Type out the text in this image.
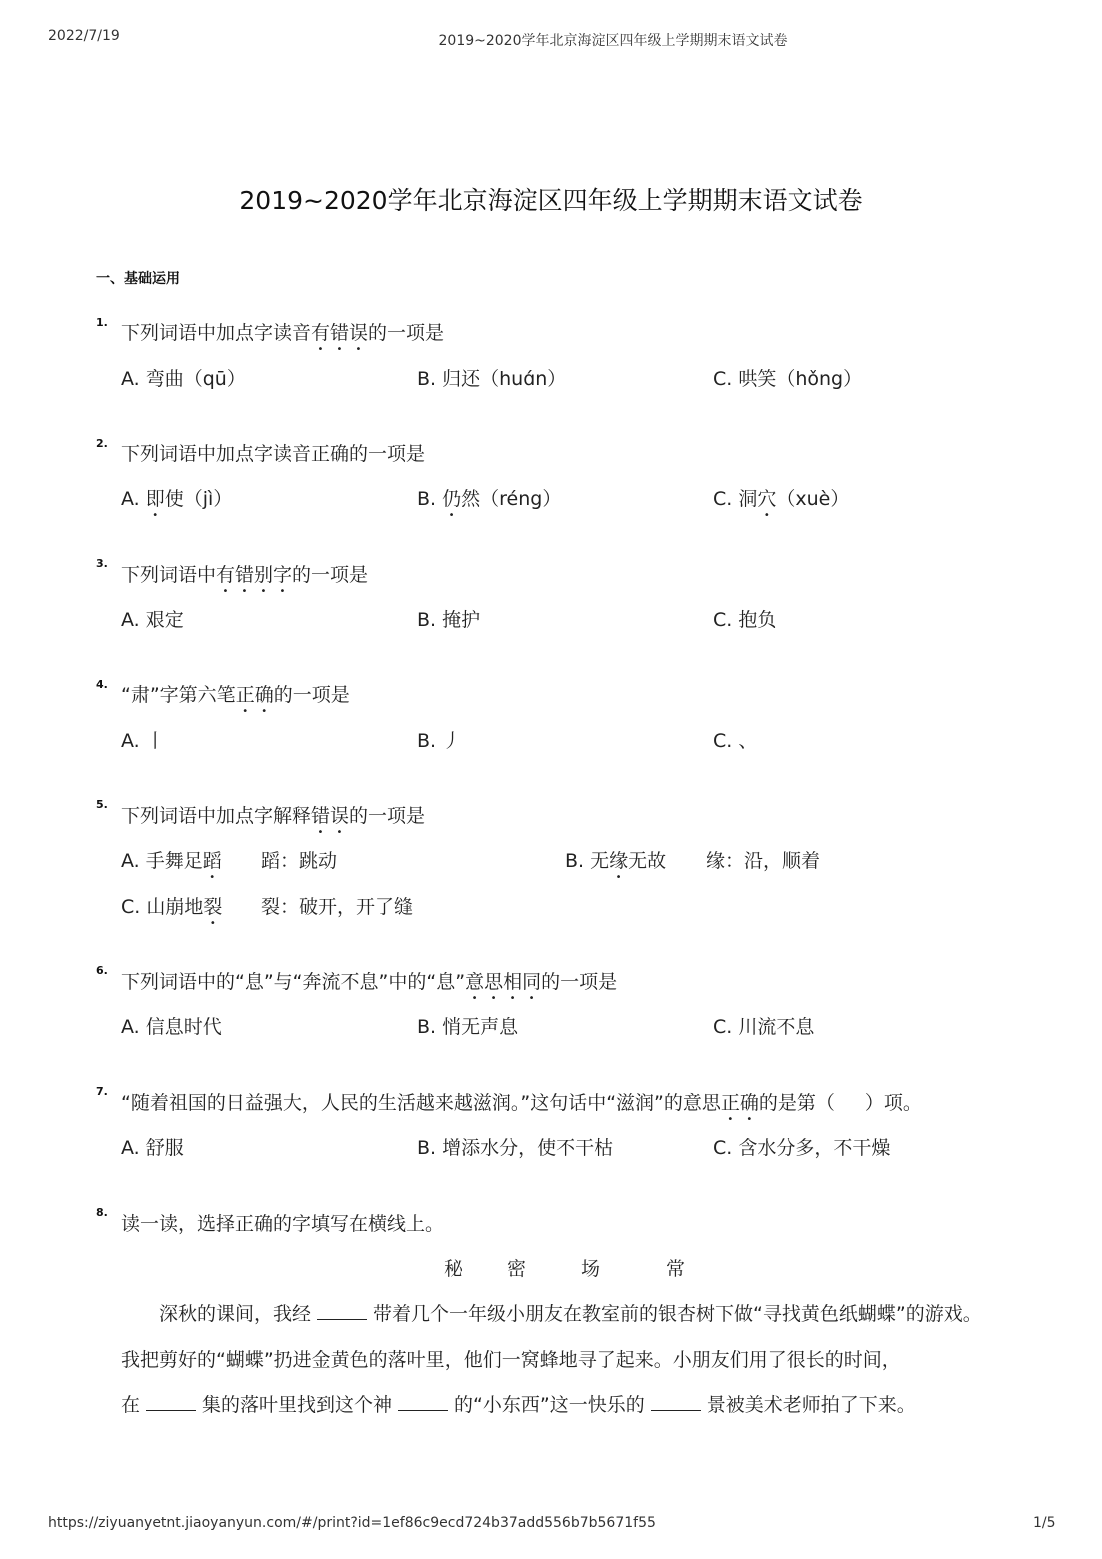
2022/7/19	2019~2020学年北京海淀区四年级上学期期末语文试卷
2019~2020学年北京海淀区四年级上学期期末语文试卷
一、基础运用
1. 下列词语中加点字读音有错误的一项是
A. 弯曲（qū）	B. 归还（huɑ́n）	C. 哄笑（hǒng）
2. 下列词语中加点字读音正确的一项是
A. 即使（jì）	B. 仍然（réng）	C. 洞穴（xuè）
3.
下列词语中有错别字的一项是
A. 艰定	B. 掩护	C. 抱负
4. “肃”字第六笔正确的一项是
A. 丨	B. 丿	C. 、
5.
下列词语中加点字解释错误的一项是
A. 手舞足蹈 蹈：跳动	B. 无缘无故 缘：沿，顺着
C. 山崩地裂 裂：破开，开了缝
6.
下列词语中的“息”与“奔流不息”中的“息”意思相同的一项是
A. 信息时代	B. 悄无声息	C. 川流不息
7.
“随着祖国的日益强大，人民的生活越来越滋润。”这句话中“滋润”的意思正确的是第（ ）项。
A. 舒服	B. 增添水分，使不干枯	C. 含水分多，不干燥
8.
读一读，选择正确的字填写在横线上。
秘 密	场	常
深秋的课间，我经	带着几个一年级小朋友在教室前的银杏树下做“寻找黄色纸蝴蝶”的游戏。
我把剪好的“蝴蝶”扔进金黄色的落叶里，他们一窝蜂地寻了起来。小朋友们用了很长的时间，
在	集的落叶里找到这个神	的“小东西”这一快乐的	景被美术老师拍了下来。
https://ziyuanyetnt.jiaoyanyun.com/#/print?id=1ef86c9ecd724b37add556b7b5671f55	1/5
